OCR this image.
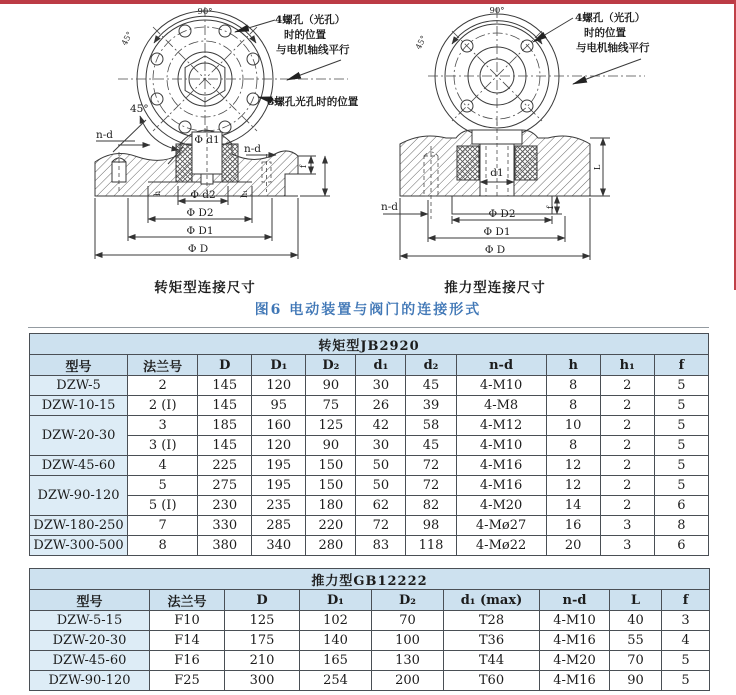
90°
45°
45°
4螺孔（光孔）
时的位置
与电机轴线平行
8螺孔光孔时的位置
90°
45°
4螺孔（光孔）
时的位置
与电机轴线平行
n-d
n-d
Φ d1
Φ d2
Φ D2
Φ D1
Φ D
h	h₁
f
n-d
d1
Φ D2
Φ D1
Φ D
L
f
转矩型连接尺寸	推力型连接尺寸
图6 电动装置与阀门的连接形式
转矩型JB2920										
型号	法兰号	D	D₁	D₂	d₁	d₂	n-d	h	h₁	f
DZW-5	2	145	120	90	30	45	4-M10	8	2	5
DZW-10-15	2 (I)	145	95	75	26	39	4-M8	8	2	5
DZW-20-30	3	185	160	125	42	58	4-M12	10	2	5
	3 (I)	145	120	90	30	45	4-M10	8	2	5
DZW-45-60	4	225	195	150	50	72	4-M16	12	2	5
DZW-90-120	5	275	195	150	50	72	4-M16	12	2	5
	5 (I)	230	235	180	62	82	4-M20	14	2	6
DZW-180-250	7	330	285	220	72	98	4-Mø27	16	3	8
DZW-300-500	8	380	340	280	83	118	4-Mø22	20	3	6
推力型GB12222								
型号	法兰号	D	D₁	D₂	d₁ (max)	n-d	L	f
DZW-5-15	F10	125	102	70	T28	4-M10	40	3
DZW-20-30	F14	175	140	100	T36	4-M16	55	4
DZW-45-60	F16	210	165	130	T44	4-M20	70	5
DZW-90-120	F25	300	254	200	T60	4-M16	90	5
